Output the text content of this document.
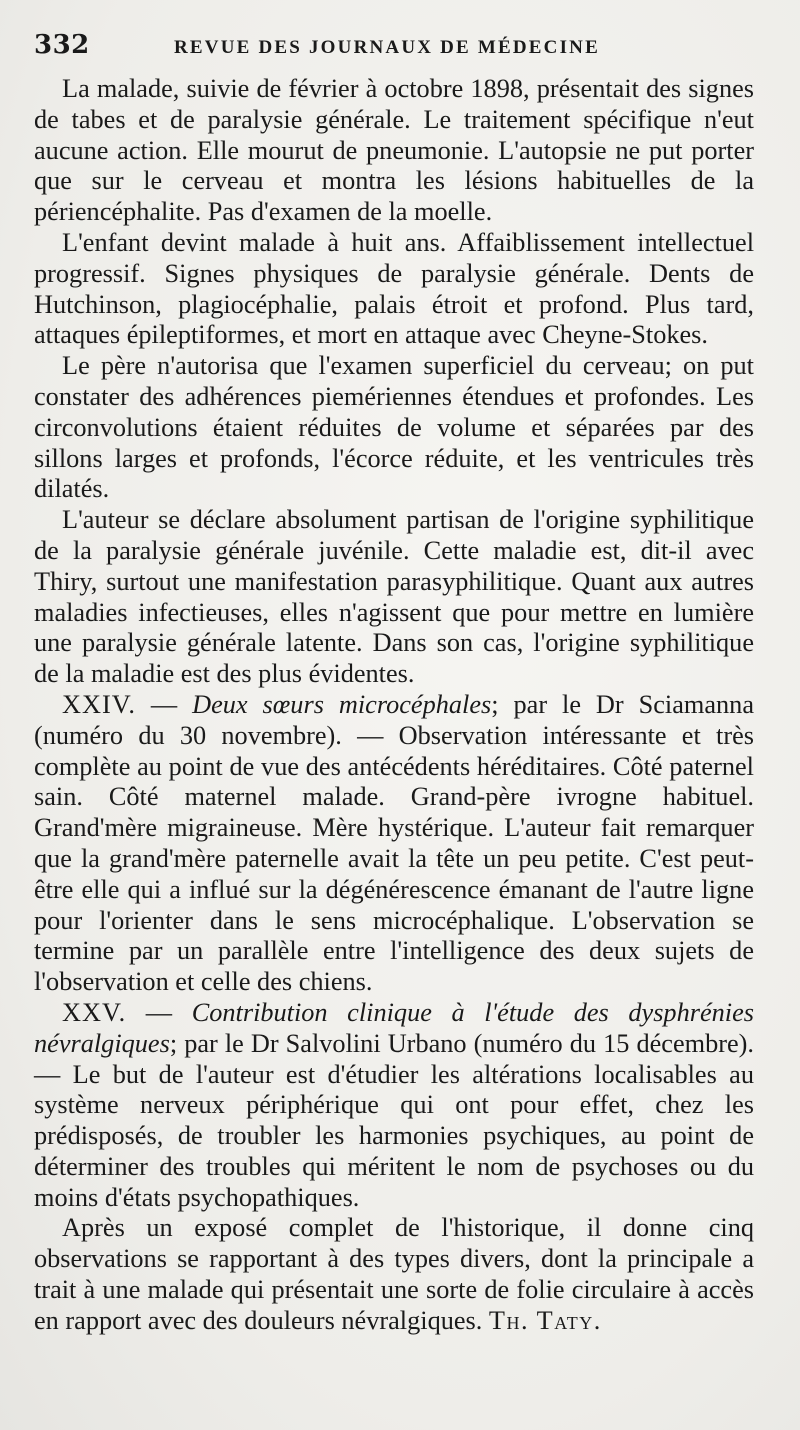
332	REVUE DES JOURNAUX DE MÉDECINE

La malade, suivie de février à octobre 1898, présentait des signes de tabes et de paralysie générale. Le traitement spécifique n'eut aucune action. Elle mourut de pneumonie. L'autopsie ne put porter que sur le cerveau et montra les lésions habituelles de la périencéphalite. Pas d'examen de la moelle.

L'enfant devint malade à huit ans. Affaiblissement intellectuel progressif. Signes physiques de paralysie générale. Dents de Hutchinson, plagiocéphalie, palais étroit et profond. Plus tard, attaques épileptiformes, et mort en attaque avec Cheyne-Stokes.

Le père n'autorisa que l'examen superficiel du cerveau; on put constater des adhérences piemériennes étendues et profondes. Les circonvolutions étaient réduites de volume et séparées par des sillons larges et profonds, l'écorce réduite, et les ventricules très dilatés.

L'auteur se déclare absolument partisan de l'origine syphilitique de la paralysie générale juvénile. Cette maladie est, dit-il avec Thiry, surtout une manifestation parasyphilitique. Quant aux autres maladies infectieuses, elles n'agissent que pour mettre en lumière une paralysie générale latente. Dans son cas, l'origine syphilitique de la maladie est des plus évidentes.

XXIV. — Deux sœurs microcéphales; par le Dr Sciamanna (numéro du 30 novembre). — Observation intéressante et très complète au point de vue des antécédents héréditaires. Côté paternel sain. Côté maternel malade. Grand-père ivrogne habituel. Grand'mère migraineuse. Mère hystérique. L'auteur fait remarquer que la grand'mère paternelle avait la tête un peu petite. C'est peut-être elle qui a influé sur la dégénérescence émanant de l'autre ligne pour l'orienter dans le sens microcéphalique. L'observation se termine par un parallèle entre l'intelligence des deux sujets de l'observation et celle des chiens.

XXV. — Contribution clinique à l'étude des dysphrénies névralgiques; par le Dr Salvolini Urbano (numéro du 15 décembre). — Le but de l'auteur est d'étudier les altérations localisables au système nerveux périphérique qui ont pour effet, chez les prédisposés, de troubler les harmonies psychiques, au point de déterminer des troubles qui méritent le nom de psychoses ou du moins d'états psychopathiques.

Après un exposé complet de l'historique, il donne cinq observations se rapportant à des types divers, dont la principale a trait à une malade qui présentait une sorte de folie circulaire à accès en rapport avec des douleurs névralgiques. Th. Taty.
